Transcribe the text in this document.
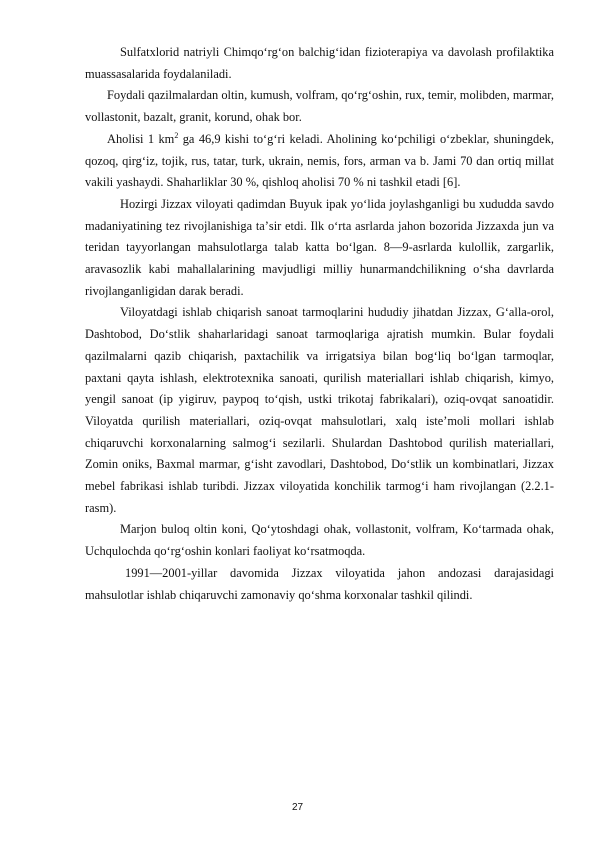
Sulfatxlorid natriyli Chimqoʻrgʻon balchigʻidan fizioterapiya va davolash profilaktika muassasalarida foydalaniladi.

Foydali qazilmalardan oltin, kumush, volfram, qoʻrgʻoshin, rux, temir, molibden, marmar, vollastonit, bazalt, granit, korund, ohak bor.

Aholisi 1 $km^2$ ga 46,9 kishi toʻgʻri keladi. Aholining koʻpchiligi oʻzbeklar, shuningdek, qozoq, qirgʻiz, tojik, rus, tatar, turk, ukrain, nemis, fors, arman va b. Jami 70 dan ortiq millat vakili yashaydi. Shaharliklar 30 %, qishloq aholisi 70 % ni tashkil etadi [6].

Hozirgi Jizzax viloyati qadimdan Buyuk ipak yoʻlida joylashganligi bu xududda savdo madaniyatining tez rivojlanishiga taʼsir etdi. Ilk oʻrta asrlarda jahon bozorida Jizzaxda jun va teridan tayyorlangan mahsulotlarga talab katta boʻlgan. 8—9-asrlarda kulollik, zargarlik, aravasozlik kabi mahallalarining mavjudligi milliy hunarmandchilikning oʻsha davrlarda rivojlanganligidan darak beradi.

Viloyatdagi ishlab chiqarish sanoat tarmoqlarini hududiy jihatdan Jizzax, Gʻalla-orol, Dashtobod, Doʻstlik shaharlaridagi sanoat tarmoqlariga ajratish mumkin. Bular foydali qazilmalarni qazib chiqarish, paxtachilik va irrigatsiya bilan bogʻliq boʻlgan tarmoqlar, paxtani qayta ishlash, elektrotexnika sanoati, qurilish materiallari ishlab chiqarish, kimyo, yengil sanoat (ip yigiruv, paypoq toʻqish, ustki trikotaj fabrikalari), oziq-ovqat sanoatidir. Viloyatda qurilish materiallari, oziq-ovqat mahsulotlari, xalq isteʼmoli mollari ishlab chiqaruvchi korxonalarning salmogʻi sezilarli. Shulardan Dashtobod qurilish materiallari, Zomin oniks, Baxmal marmar, gʻisht zavodlari, Dashtobod, Doʻstlik un kombinatlari, Jizzax mebel fabrikasi ishlab turibdi. Jizzax viloyatida konchilik tarmogʻi ham rivojlangan (2.2.1-rasm).

Marjon buloq oltin koni, Qoʻytoshdagi ohak, vollastonit, volfram, Koʻtarmada ohak, Uchqulochda qoʻrgʻoshin konlari faoliyat koʻrsatmoqda.

1991—2001-yillar davomida Jizzax viloyatida jahon andozasi darajasidagi mahsulotlar ishlab chiqaruvchi zamonaviy qoʻshma korxonalar tashkil qilindi.

27
